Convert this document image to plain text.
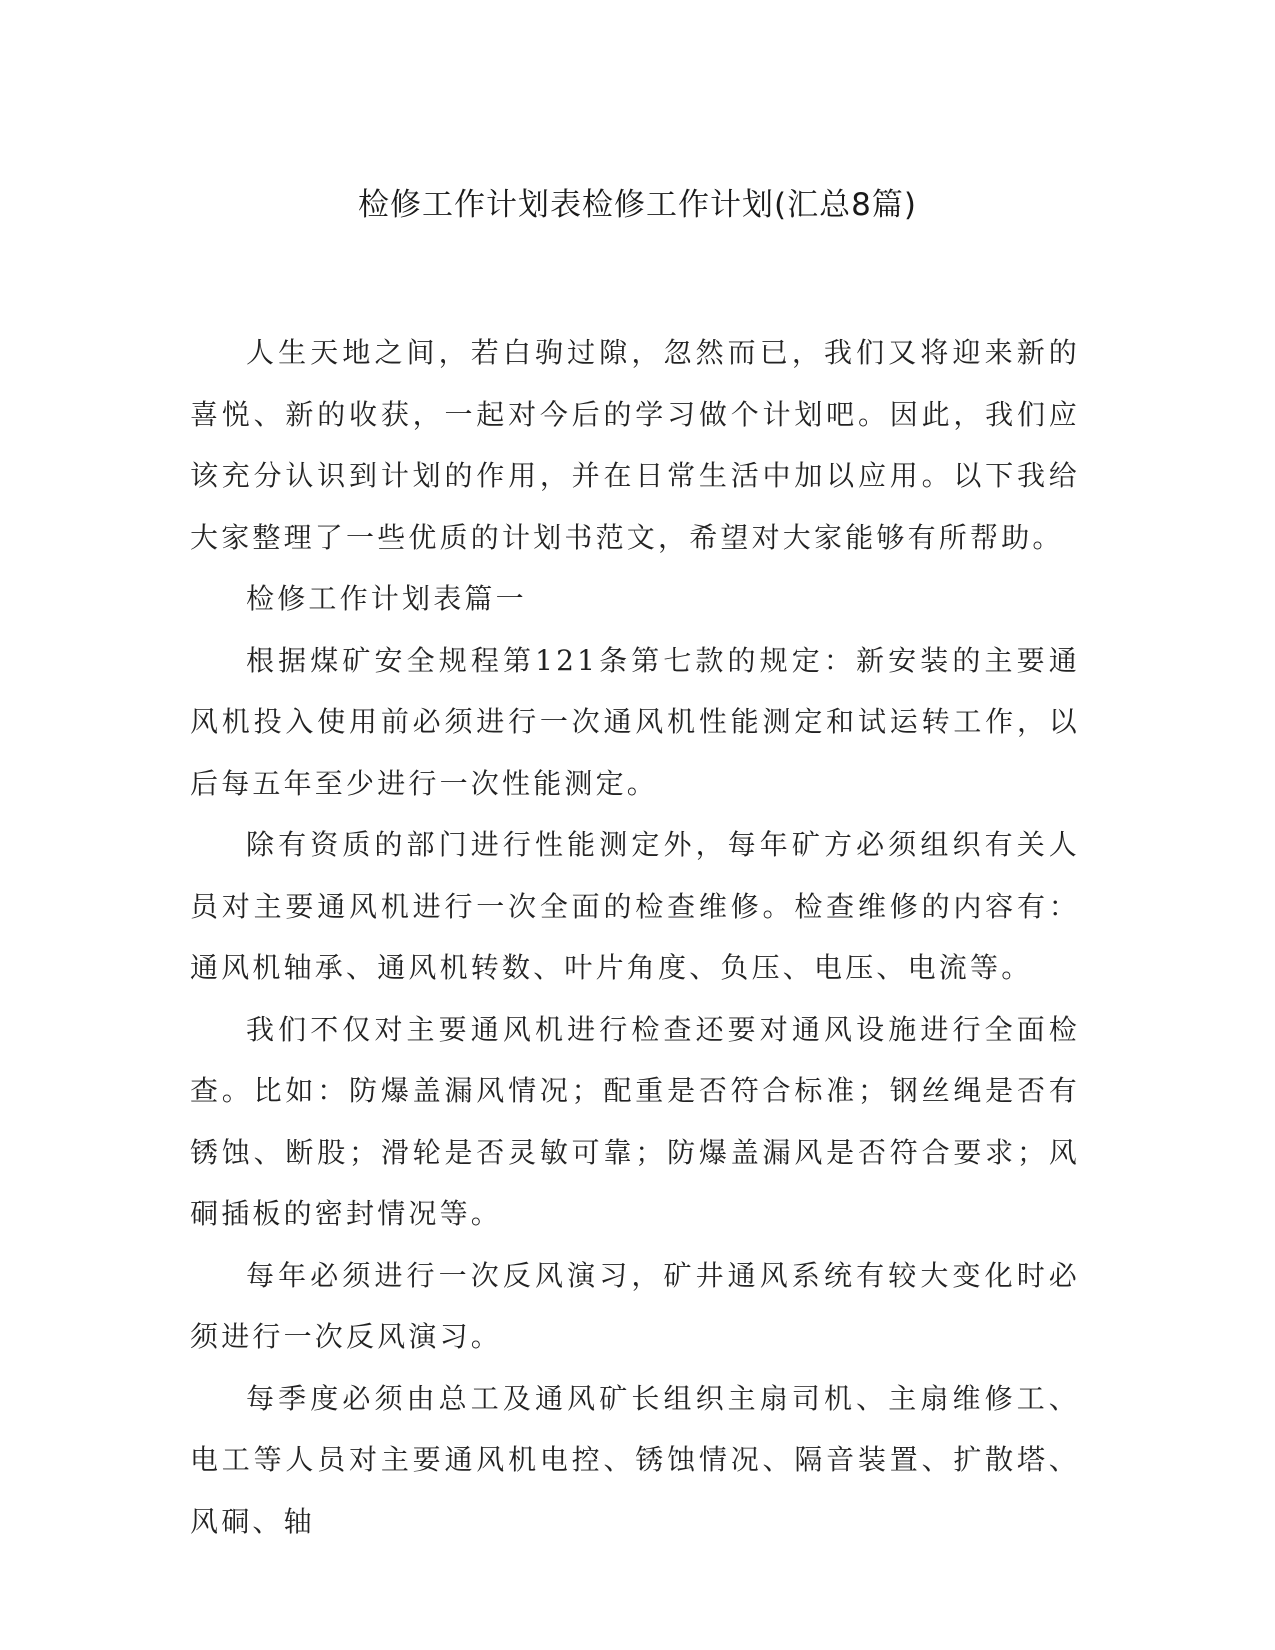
检修工作计划表检修工作计划(汇总8篇)

人生天地之间，若白驹过隙，忽然而已，我们又将迎来新的喜悦、新的收获，一起对今后的学习做个计划吧。因此，我们应该充分认识到计划的作用，并在日常生活中加以应用。以下我给大家整理了一些优质的计划书范文，希望对大家能够有所帮助。

检修工作计划表篇一

根据煤矿安全规程第121条第七款的规定：新安装的主要通风机投入使用前必须进行一次通风机性能测定和试运转工作，以后每五年至少进行一次性能测定。

除有资质的部门进行性能测定外，每年矿方必须组织有关人员对主要通风机进行一次全面的检查维修。检查维修的内容有：通风机轴承、通风机转数、叶片角度、负压、电压、电流等。

我们不仅对主要通风机进行检查还要对通风设施进行全面检查。比如：防爆盖漏风情况；配重是否符合标准；钢丝绳是否有锈蚀、断股；滑轮是否灵敏可靠；防爆盖漏风是否符合要求；风硐插板的密封情况等。

每年必须进行一次反风演习，矿井通风系统有较大变化时必须进行一次反风演习。

每季度必须由总工及通风矿长组织主扇司机、主扇维修工、电工等人员对主要通风机电控、锈蚀情况、隔音装置、扩散塔、风硐、轴
